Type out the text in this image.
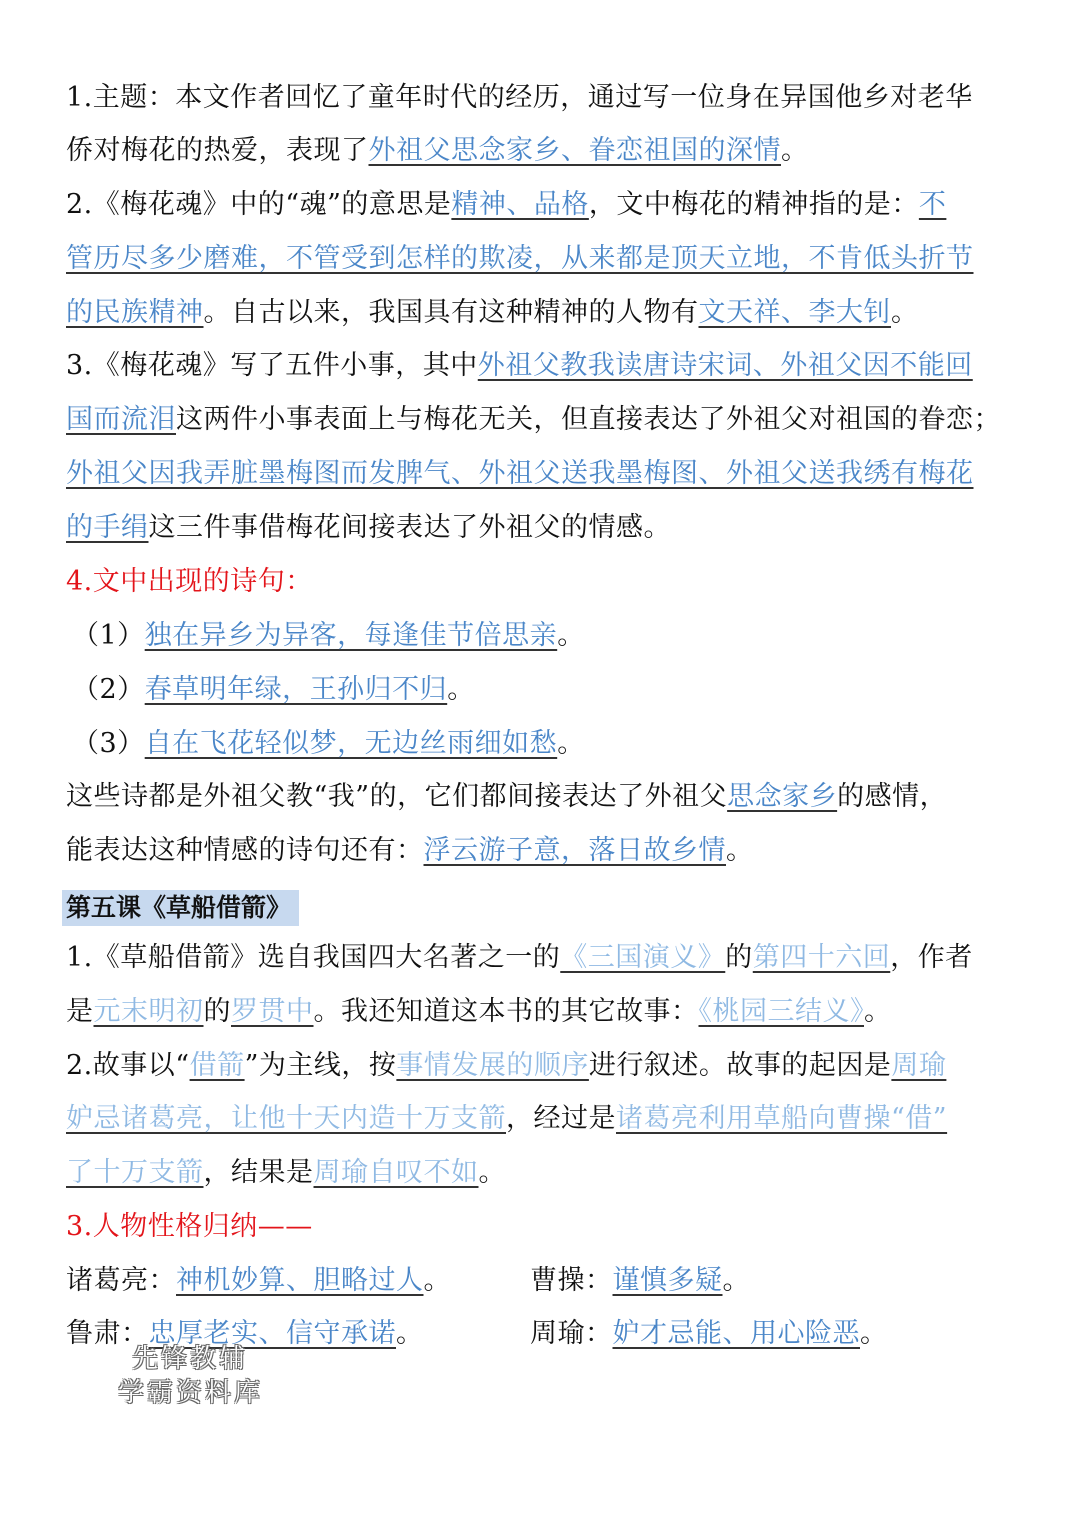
1.主题：本文作者回忆了童年时代的经历，通过写一位身在异国他乡对老华
侨对梅花的热爱，表现了外祖父思念家乡、眷恋祖国的深情。
2.《梅花魂》中的“魂”的意思是精神、品格，文中梅花的精神指的是：不
管历尽多少磨难，不管受到怎样的欺凌，从来都是顶天立地，不肯低头折节
的民族精神。自古以来，我国具有这种精神的人物有文天祥、李大钊。
3.《梅花魂》写了五件小事，其中外祖父教我读唐诗宋词、外祖父因不能回
国而流泪这两件小事表面上与梅花无关，但直接表达了外祖父对祖国的眷恋；
外祖父因我弄脏墨梅图而发脾气、外祖父送我墨梅图、外祖父送我绣有梅花
的手绢这三件事借梅花间接表达了外祖父的情感。
4.文中出现的诗句：
（1）独在异乡为异客，每逢佳节倍思亲。
（2）春草明年绿，王孙归不归。
（3）自在飞花轻似梦，无边丝雨细如愁。
这些诗都是外祖父教“我”的，它们都间接表达了外祖父思念家乡的感情，
能表达这种情感的诗句还有：浮云游子意，落日故乡情。
第五课《草船借箭》
1.《草船借箭》选自我国四大名著之一的《三国演义》的第四十六回，作者
是元末明初的罗贯中。我还知道这本书的其它故事：《桃园三结义》。
2.故事以“借箭”为主线，按事情发展的顺序进行叙述。故事的起因是周瑜
妒忌诸葛亮，让他十天内造十万支箭，经过是诸葛亮利用草船向曹操“借”
了十万支箭，结果是周瑜自叹不如。
3.人物性格归纳——
诸葛亮：神机妙算、胆略过人。	曹操：谨慎多疑。
鲁肃：忠厚老实、信守承诺。	周瑜：妒才忌能、用心险恶。
先锋教辅
学霸资料库
